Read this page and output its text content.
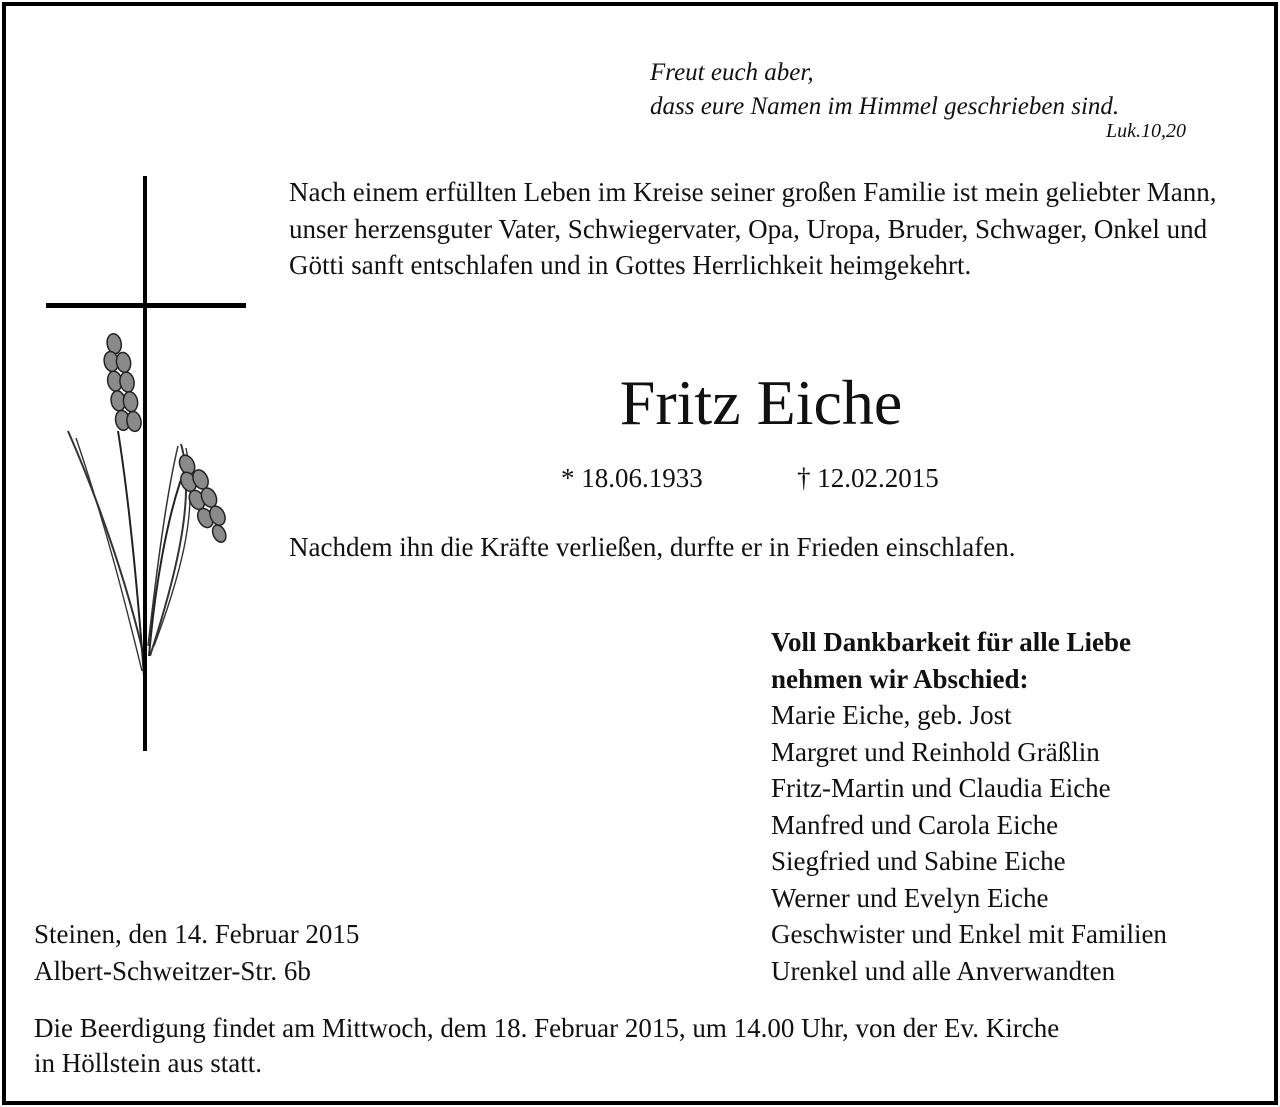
Freut euch aber,
dass eure Namen im Himmel geschrieben sind.
Luk.10,20
Nach einem erfüllten Leben im Kreise seiner großen Familie ist mein geliebter Mann, unser herzensguter Vater, Schwiegervater, Opa, Uropa, Bruder, Schwager, Onkel und Götti sanft entschlafen und in Gottes Herrlichkeit heimgekehrt.
Fritz Eiche
* 18.06.1933	† 12.02.2015
Nachdem ihn die Kräfte verließen, durfte er in Frieden einschlafen.
Voll Dankbarkeit für alle Liebe
nehmen wir Abschied:
Marie Eiche, geb. Jost
Margret und Reinhold Gräßlin
Fritz-Martin und Claudia Eiche
Manfred und Carola Eiche
Siegfried und Sabine Eiche
Werner und Evelyn Eiche
Geschwister und Enkel mit Familien
Urenkel und alle Anverwandten
Steinen, den 14. Februar 2015
Albert-Schweitzer-Str. 6b
Die Beerdigung findet am Mittwoch, dem 18. Februar 2015, um 14.00 Uhr, von der Ev. Kirche
in Höllstein aus statt.
